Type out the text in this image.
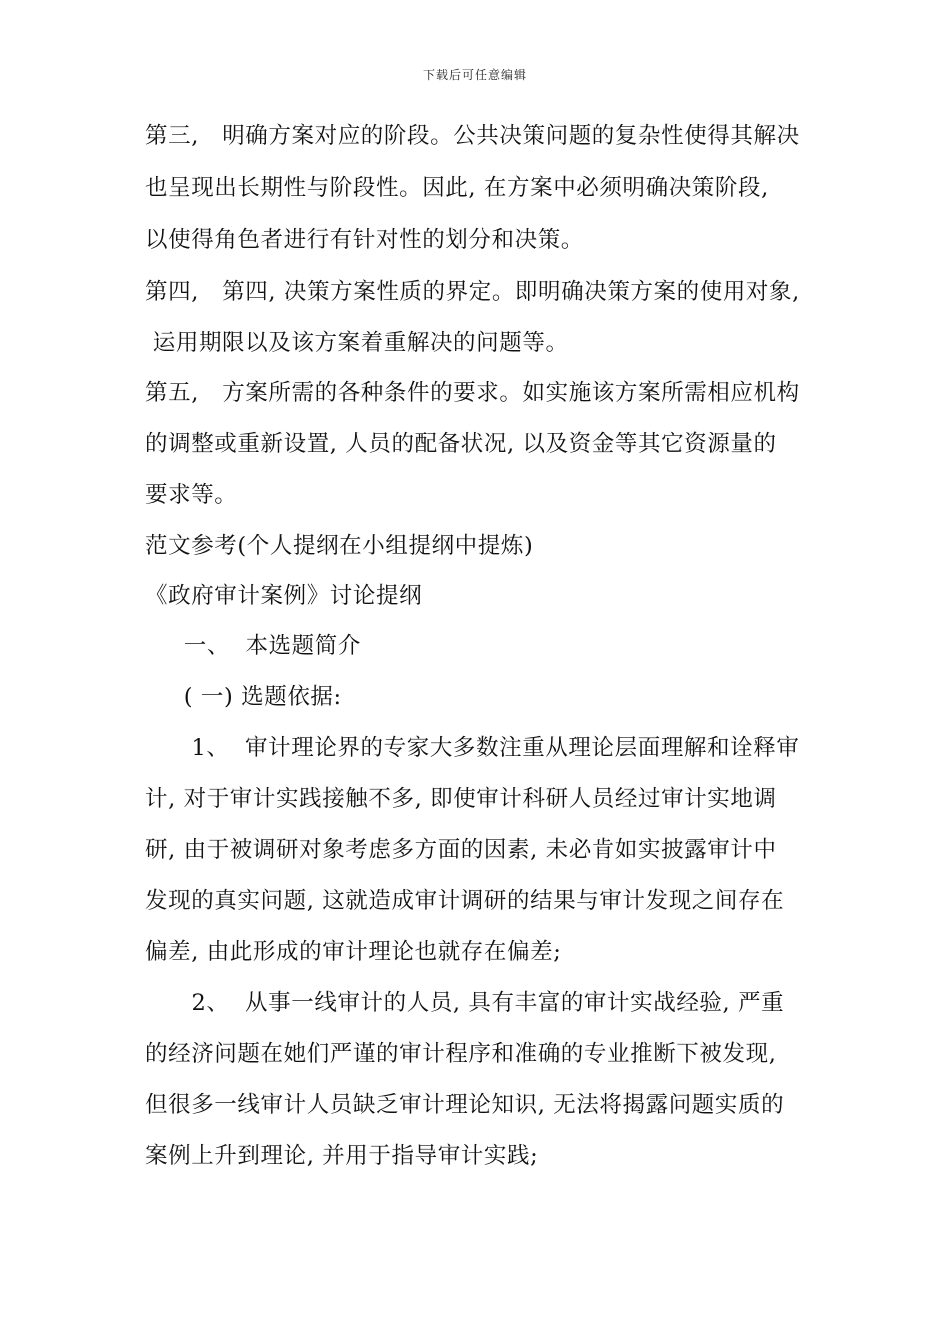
下载后可任意编辑
第三,   明确方案对应的阶段。公共决策问题的复杂性使得其解决
也呈现出长期性与阶段性。因此, 在方案中必须明确决策阶段,
以使得角色者进行有针对性的划分和决策。
第四,   第四, 决策方案性质的界定。即明确决策方案的使用对象,
运用期限以及该方案着重解决的问题等。
第五,   方案所需的各种条件的要求。如实施该方案所需相应机构
的调整或重新设置, 人员的配备状况, 以及资金等其它资源量的
要求等。
范文参考(个人提纲在小组提纲中提炼)
《政府审计案例》讨论提纲
一、  本选题简介
( 一) 选题依据:
1、  审计理论界的专家大多数注重从理论层面理解和诠释审
计, 对于审计实践接触不多, 即使审计科研人员经过审计实地调
研, 由于被调研对象考虑多方面的因素, 未必肯如实披露审计中
发现的真实问题, 这就造成审计调研的结果与审计发现之间存在
偏差, 由此形成的审计理论也就存在偏差;
2、  从事一线审计的人员, 具有丰富的审计实战经验, 严重
的经济问题在她们严谨的审计程序和准确的专业推断下被发现,
但很多一线审计人员缺乏审计理论知识, 无法将揭露问题实质的
案例上升到理论, 并用于指导审计实践;
